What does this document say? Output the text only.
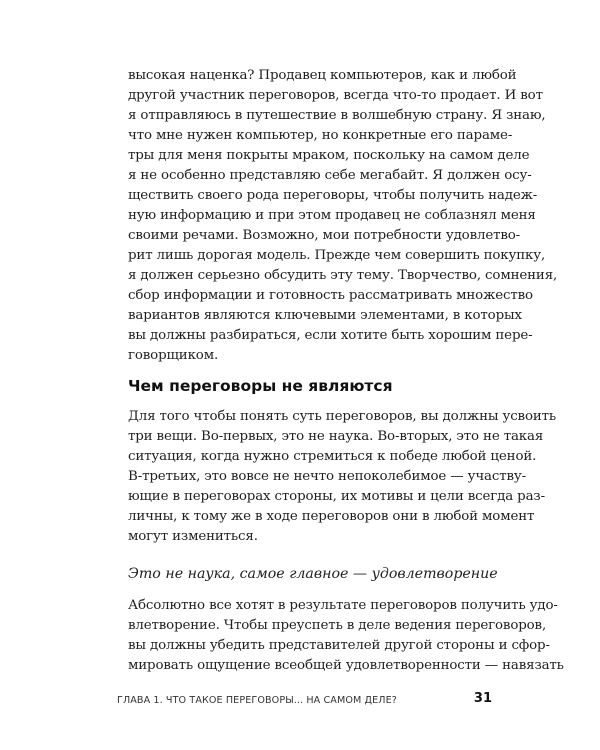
высокая наценка? Продавец компьютеров, как и любой
другой участник переговоров, всегда что-то продает. И вот
я отправляюсь в путешествие в волшебную страну. Я знаю,
что мне нужен компьютер, но конкретные его парамe-
тры для меня покрыты мраком, поскольку на самом деле
я не особенно представляю себе мегабайт. Я должен осу-
ществить своего рода переговоры, чтобы получить надеж-
ную информацию и при этом продавец не соблазнял меня
своими речами. Возможно, мои потребности удовлетво-
рит лишь дорогая модель. Прежде чем совершить покупку,
я должен серьезно обсудить эту тему. Творчество, сомнения,
сбор информации и готовность рассматривать множество
вариантов являются ключевыми элементами, в которых
вы должны разбираться, если хотите быть хорошим пере-
говорщиком.
Чем переговоры не являются
Для того чтобы понять суть переговоров, вы должны усвоить
три вещи. Во-первых, это не наука. Во-вторых, это не такая
ситуация, когда нужно стремиться к победе любой ценой.
В-третьих, это вовсе не нечто непоколебимое — участву-
ющие в переговорах стороны, их мотивы и цели всегда раз-
личны, к тому же в ходе переговоров они в любой момент
могут измениться.
Это не наука, самое главное — удовлетворение
Абсолютно все хотят в результате переговоров получить удо-
влетворение. Чтобы преуспеть в деле ведения переговоров,
вы должны убедить представителей другой стороны и сфор-
мировать ощущение всеобщей удовлетворенности — навязать
ГЛАВА 1. ЧТО ТАКОЕ ПЕРЕГОВОРЫ... НА САМОМ ДЕЛЕ?	31
